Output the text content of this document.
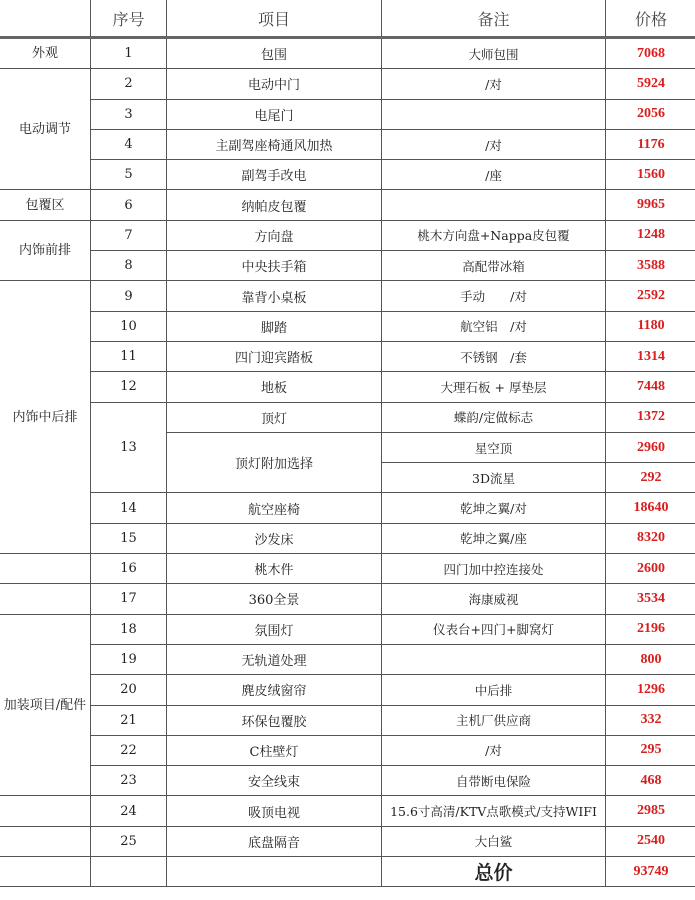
	序号	项目	备注	价格
外观	1	包围	大师包围	7068
电动调节	2	电动中门	/对	5924
	3	电尾门		2056
	4	主副驾座椅通风加热	/对	1176
	5	副驾手改电	/座	1560
包覆区	6	纳帕皮包覆		9965
内饰前排	7	方向盘	桃木方向盘+Nappa皮包覆	1248
	8	中央扶手箱	高配带冰箱	3588
内饰中后排	9	靠背小桌板	手动　　/对	2592
	10	脚踏	航空铝　/对	1180
	11	四门迎宾踏板	不锈钢　/套	1314
	12	地板	大理石板 + 厚垫层	7448
	13	顶灯	蝶韵/定做标志	1372
		顶灯附加选择	星空顶	2960
			3D流星	292
	14	航空座椅	乾坤之翼/对	18640
	15	沙发床	乾坤之翼/座	8320
	16	桃木件	四门加中控连接处	2600
	17	360全景	海康威视	3534
加装项目/配件	18	氛围灯	仪表台+四门+脚窝灯	2196
	19	无轨道处理		800
	20	麂皮绒窗帘	中后排	1296
	21	环保包覆胶	主机厂供应商	332
	22	C柱壁灯	/对	295
	23	安全线束	自带断电保险	468
	24	吸顶电视	15.6寸高清/KTV点歌模式/支持WIFI	2985
	25	底盘隔音	大白鲨	2540
			总价	93749
